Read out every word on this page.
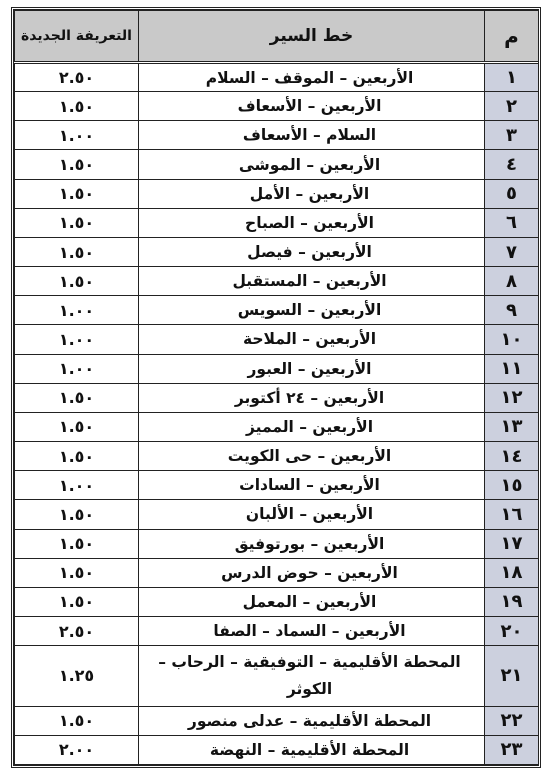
م	خط السير	التعريفة الجديدة
١	الأربعين – الموقف – السلام	٢.٥٠
٢	الأربعين – الأسعاف	١.٥٠
٣	السلام – الأسعاف	١.٠٠
٤	الأربعين – الموشى	١.٥٠
٥	الأربعين – الأمل	١.٥٠
٦	الأربعين – الصباح	١.٥٠
٧	الأربعين – فيصل	١.٥٠
٨	الأربعين – المستقبل	١.٥٠
٩	الأربعين – السويس	١.٠٠
١٠	الأربعين – الملاحة	١.٠٠
١١	الأربعين – العبور	١.٠٠
١٢	الأربعين – ٢٤ أكتوبر	١.٥٠
١٣	الأربعين – المميز	١.٥٠
١٤	الأربعين – حى الكويت	١.٥٠
١٥	الأربعين – السادات	١.٠٠
١٦	الأربعين – الألبان	١.٥٠
١٧	الأربعين – بورتوفيق	١.٥٠
١٨	الأربعين – حوض الدرس	١.٥٠
١٩	الأربعين – المعمل	١.٥٠
٢٠	الأربعين – السماد – الصفا	٢.٥٠
٢١	المحطة الأقليمية – التوفيقية – الرحاب – الكوثر	١.٢٥
٢٢	المحطة الأقليمية – عدلى منصور	١.٥٠
٢٣	المحطة الأقليمية – النهضة	٢.٠٠
